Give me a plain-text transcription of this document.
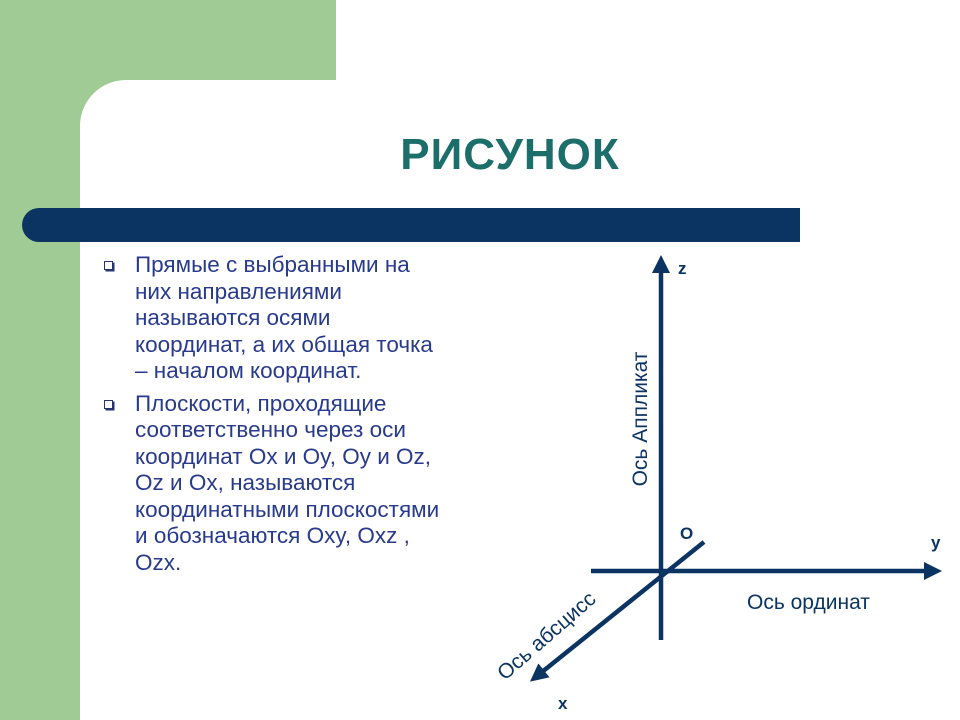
РИСУНОК
Прямые с выбранными на них направлениями называются осями координат, а их общая точка – началом координат.
Плоскости, проходящие соответственно через оси координат Ox и Oy, Oy и Oz, Oz и Ox, называются координатными плоскостями и обозначаются Oxy, Oxz , Ozx.
z
y
x
O
Ось Аппликат
Ось ординат
Ось абсцисс
